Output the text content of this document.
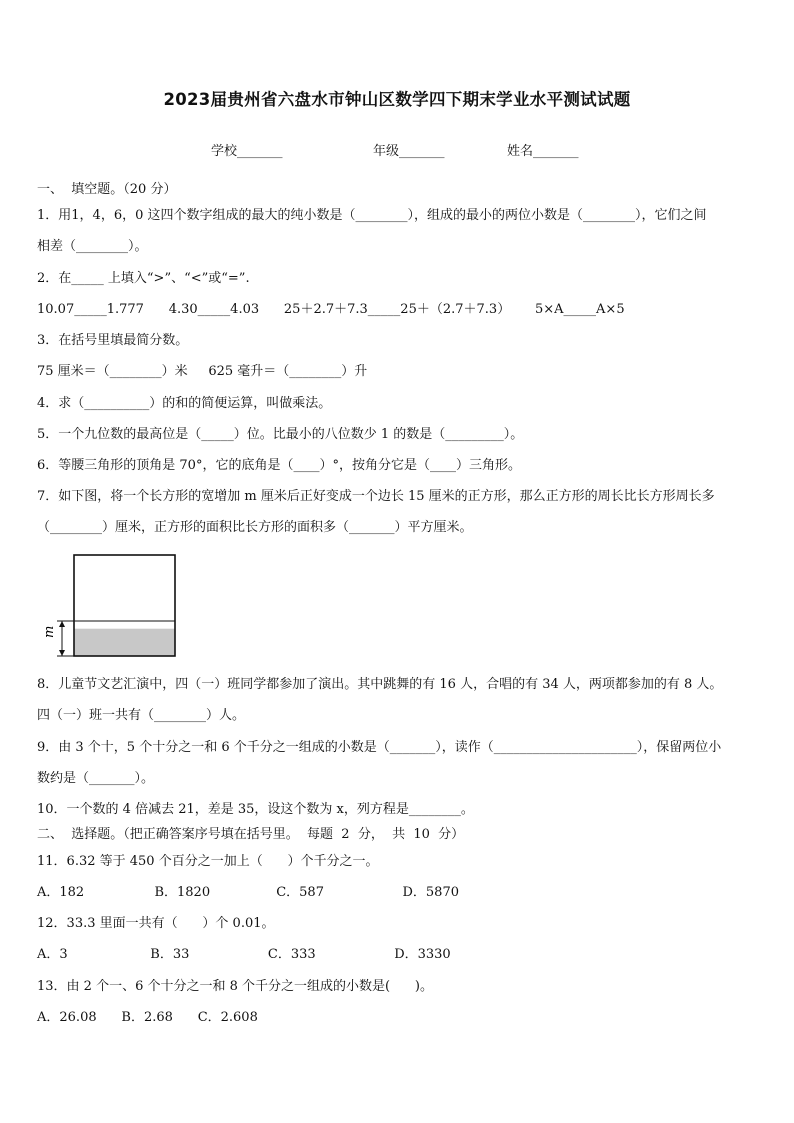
2023届贵州省六盘水市钟山区数学四下期末学业水平测试试题
学校_______	年级_______	姓名_______
一、  填空题。（20 分）
1．用1，4，6，0 这四个数字组成的最大的纯小数是（________），组成的最小的两位小数是（________），它们之间
相差（________）。
2．在_____ 上填入“>”、“<”或“=”.
10.07_____1.777      4.30_____4.03      25＋2.7＋7.3_____25＋（2.7＋7.3）      5×A_____A×5
3．在括号里填最简分数。
75 厘米＝（________）米     625 毫升＝（________）升
4．求（__________）的和的简便运算，叫做乘法。
5．一个九位数的最高位是（_____）位。比最小的八位数少 1 的数是（_________）。
6．等腰三角形的顶角是 70°，它的底角是（____）°，按角分它是（____）三角形。
7．如下图，将一个长方形的宽增加 m 厘米后正好变成一个边长 15 厘米的正方形，那么正方形的周长比长方形周长多
（________）厘米，正方形的面积比长方形的面积多（_______）平方厘米。
m
8．儿童节文艺汇演中，四（一）班同学都参加了演出。其中跳舞的有 16 人，合唱的有 34 人，两项都参加的有 8 人。
四（一）班一共有（________）人。
9．由 3 个十，5 个十分之一和 6 个千分之一组成的小数是（_______），读作（______________________），保留两位小
数约是（_______）。
10．一个数的 4 倍减去 21，差是 35，设这个数为 x，列方程是________。
二、  选择题。（把正确答案序号填在括号里。  每题  2  分，  共  10  分）
11．6.32 等于 450 个百分之一加上（      ）个千分之一。
A．182                 B．1820                C．587                   D．5870
12．33.3 里面一共有（      ）个 0.01。
A．3                    B．33                   C．333                   D．3330
13．由 2 个一、6 个十分之一和 8 个千分之一组成的小数是(      )。
A．26.08      B．2.68      C．2.608
